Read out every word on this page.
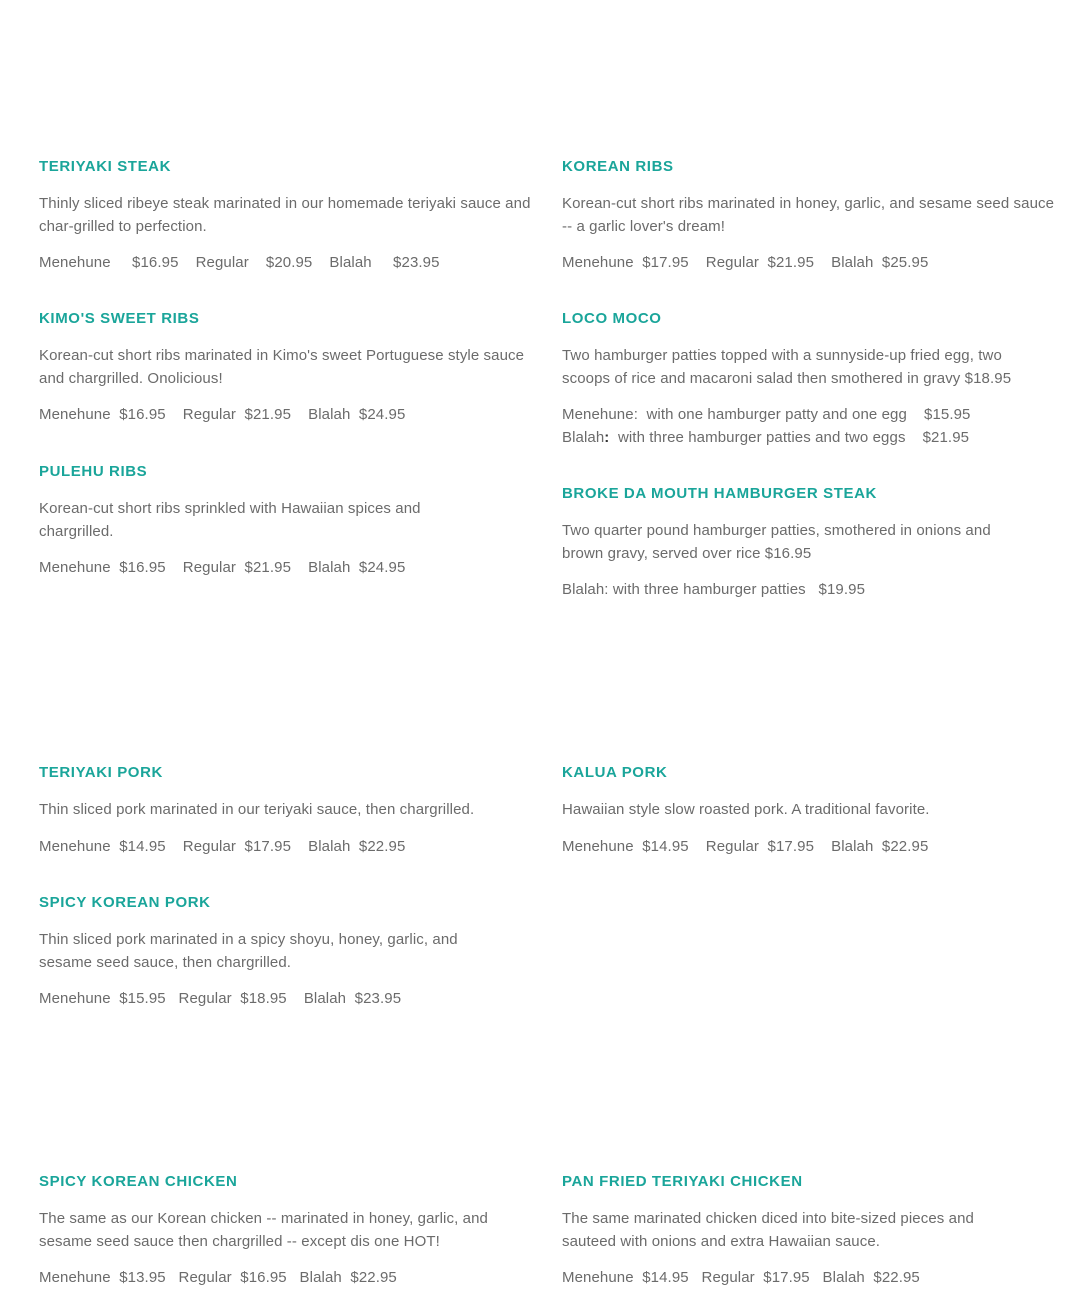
TERIYAKI STEAK

Thinly sliced ribeye steak marinated in our homemade teriyaki sauce and char-grilled to perfection.

Menehune     $16.95    Regular    $20.95    Blalah     $23.95

KOREAN RIBS

Korean-cut short ribs marinated in honey, garlic, and sesame seed sauce -- a garlic lover's dream!

Menehune  $17.95    Regular  $21.95    Blalah  $25.95

KIMO'S SWEET RIBS

Korean-cut short ribs marinated in Kimo's sweet Portuguese style sauce and chargrilled. Onolicious!

Menehune  $16.95    Regular  $21.95    Blalah  $24.95

LOCO MOCO

Two hamburger patties topped with a sunnyside-up fried egg, two scoops of rice and macaroni salad then smothered in gravy $18.95

Menehune:  with one hamburger patty and one egg    $15.95

Blalah:  with three hamburger patties and two eggs    $21.95

PULEHU RIBS

Korean-cut short ribs sprinkled with Hawaiian spices and chargrilled.

Menehune  $16.95    Regular  $21.95    Blalah  $24.95

BROKE DA MOUTH HAMBURGER STEAK

Two quarter pound hamburger patties, smothered in onions and brown gravy, served over rice $16.95

Blalah: with three hamburger patties   $19.95

TERIYAKI PORK

Thin sliced pork marinated in our teriyaki sauce, then chargrilled.

Menehune  $14.95    Regular  $17.95    Blalah  $22.95

KALUA PORK

Hawaiian style slow roasted pork. A traditional favorite.

Menehune  $14.95    Regular  $17.95    Blalah  $22.95

SPICY KOREAN PORK

Thin sliced pork marinated in a spicy shoyu, honey, garlic, and sesame seed sauce, then chargrilled.

Menehune  $15.95   Regular  $18.95    Blalah  $23.95

SPICY KOREAN CHICKEN

The same as our Korean chicken -- marinated in honey, garlic, and sesame seed sauce then chargrilled -- except dis one HOT!

Menehune  $13.95   Regular  $16.95   Blalah  $22.95

PAN FRIED TERIYAKI CHICKEN

The same marinated chicken diced into bite-sized pieces and sauteed with onions and extra Hawaiian sauce.

Menehune  $14.95   Regular  $17.95   Blalah  $22.95
